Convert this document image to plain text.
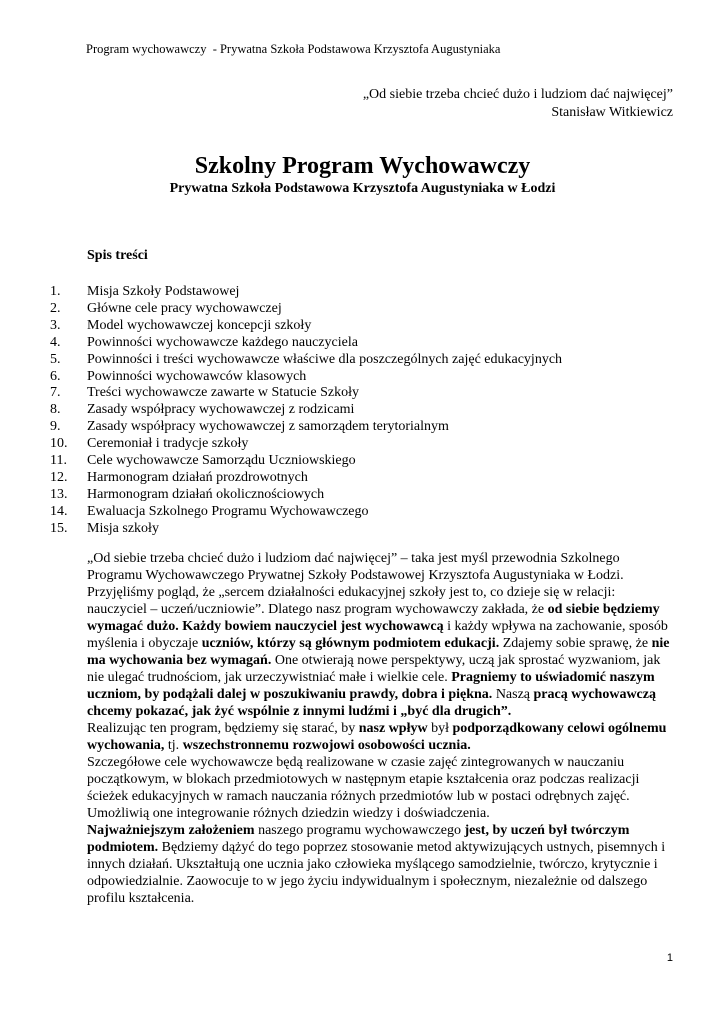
Program wychowawczy  - Prywatna Szkoła Podstawowa Krzysztofa Augustyniaka
„Od siebie trzeba chcieć dużo i ludziom dać najwięcej”
Stanisław Witkiewicz
Szkolny Program Wychowawczy
Prywatna Szkoła Podstawowa Krzysztofa Augustyniaka w Łodzi
Spis treści
1.	Misja Szkoły Podstawowej
2.	Główne cele pracy wychowawczej
3.	Model wychowawczej koncepcji szkoły
4.	Powinności wychowawcze każdego nauczyciela
5.	Powinności i treści wychowawcze właściwe dla poszczególnych zajęć edukacyjnych
6.	Powinności wychowawców klasowych
7.	Treści wychowawcze zawarte w Statucie Szkoły
8.	Zasady współpracy wychowawczej z rodzicami
9.	Zasady współpracy wychowawczej z samorządem terytorialnym
10.	Ceremoniał i tradycje szkoły
11.	Cele wychowawcze Samorządu Uczniowskiego
12.	Harmonogram działań prozdrowotnych
13.	Harmonogram działań okolicznościowych
14.	Ewaluacja Szkolnego Programu Wychowawczego
15.	Misja szkoły

„Od siebie trzeba chcieć dużo i ludziom dać najwięcej” – taka jest myśl przewodnia Szkolnego Programu Wychowawczego Prywatnej Szkoły Podstawowej Krzysztofa Augustyniaka w Łodzi. Przyjęliśmy pogląd, że „sercem działalności edukacyjnej szkoły jest to, co dzieje się w relacji: nauczyciel – uczeń/uczniowie”. Dlatego nasz program wychowawczy zakłada, że od siebie będziemy wymagać dużo. Każdy bowiem nauczyciel jest wychowawcą i każdy wpływa na zachowanie, sposób myślenia i obyczaje uczniów, którzy są głównym podmiotem edukacji. Zdajemy sobie sprawę, że nie ma wychowania bez wymagań. One otwierają nowe perspektywy, uczą jak sprostać wyzwaniom, jak nie ulegać trudnościom, jak urzeczywistniać małe i wielkie cele. Pragniemy to uświadomić naszym uczniom, by podążali dalej w poszukiwaniu prawdy, dobra i piękna. Naszą pracą wychowawczą chcemy pokazać, jak żyć wspólnie z innymi ludźmi i „być dla drugich”.

Realizując ten program, będziemy się starać, by nasz wpływ był podporządkowany celowi ogólnemu wychowania, tj. wszechstronnemu rozwojowi osobowości ucznia.

Szczegółowe cele wychowawcze będą realizowane w czasie zajęć zintegrowanych w nauczaniu początkowym, w blokach przedmiotowych w następnym etapie kształcenia oraz podczas realizacji ścieżek edukacyjnych w ramach nauczania różnych przedmiotów lub w postaci odrębnych zajęć. Umożliwią one integrowanie różnych dziedzin wiedzy i doświadczenia.

Najważniejszym założeniem naszego programu wychowawczego jest, by uczeń był twórczym podmiotem. Będziemy dążyć do tego poprzez stosowanie metod aktywizujących ustnych, pisemnych i innych działań. Ukształtują one ucznia jako człowieka myślącego samodzielnie, twórczo, krytycznie i odpowiedzialnie. Zaowocuje to w jego życiu indywidualnym i społecznym, niezależnie od dalszego profilu kształcenia.

1
